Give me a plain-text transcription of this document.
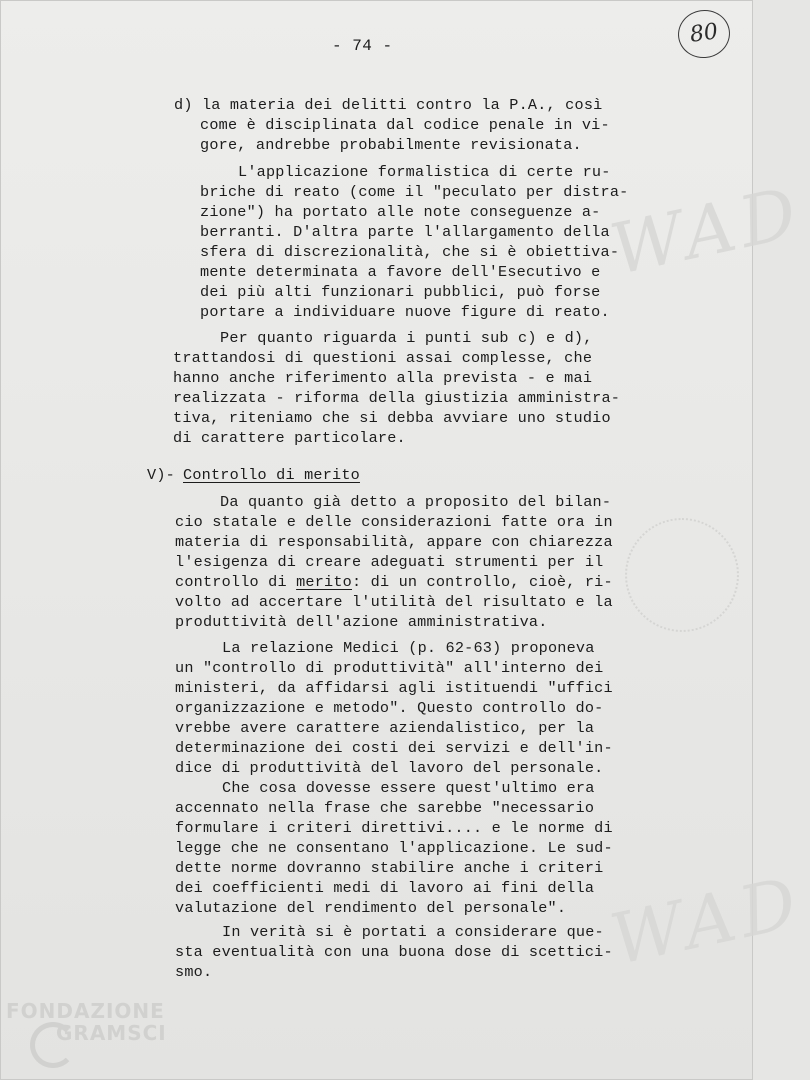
WAD
WAD
- 74 -	80
d) la materia dei delitti contro la P.A., così
come è disciplinata dal codice penale in vi-
gore, andrebbe probabilmente revisionata.
L'applicazione formalistica di certe ru-
briche di reato (come il "peculato per distra-
zione") ha portato alle note conseguenze a-
berranti. D'altra parte l'allargamento della
sfera di discrezionalità, che si è obiettiva-
mente determinata a favore dell'Esecutivo e
dei più alti funzionari pubblici, può forse
portare a individuare nuove figure di reato.
Per quanto riguarda i punti sub c) e d),
trattandosi di questioni assai complesse, che
hanno anche riferimento alla prevista - e mai
realizzata - riforma della giustizia amministra-
tiva, riteniamo che si debba avviare uno studio
di carattere particolare.
V)- Controllo di merito
Da quanto già detto a proposito del bilan-
cio statale e delle considerazioni fatte ora in
materia di responsabilità, appare con chiarezza
l'esigenza di creare adeguati strumenti per il
controllo di merito: di un controllo, cioè, ri-
volto ad accertare l'utilità del risultato e la
produttività dell'azione amministrativa.
La relazione Medici (p. 62-63) proponeva
un "controllo di produttività" all'interno dei
ministeri, da affidarsi agli istituendi "uffici
organizzazione e metodo". Questo controllo do-
vrebbe avere carattere aziendalistico, per la
determinazione dei costi dei servizi e dell'in-
dice di produttività del lavoro del personale.
Che cosa dovesse essere quest'ultimo era
accennato nella frase che sarebbe "necessario
formulare i criteri direttivi.... e le norme di
legge che ne consentano l'applicazione. Le sud-
dette norme dovranno stabilire anche i criteri
dei coefficienti medi di lavoro ai fini della
valutazione del rendimento del personale".
In verità si è portati a considerare que-
sta eventualità con una buona dose di scettici-
smo.
FONDAZIONE
GRAMSCI
